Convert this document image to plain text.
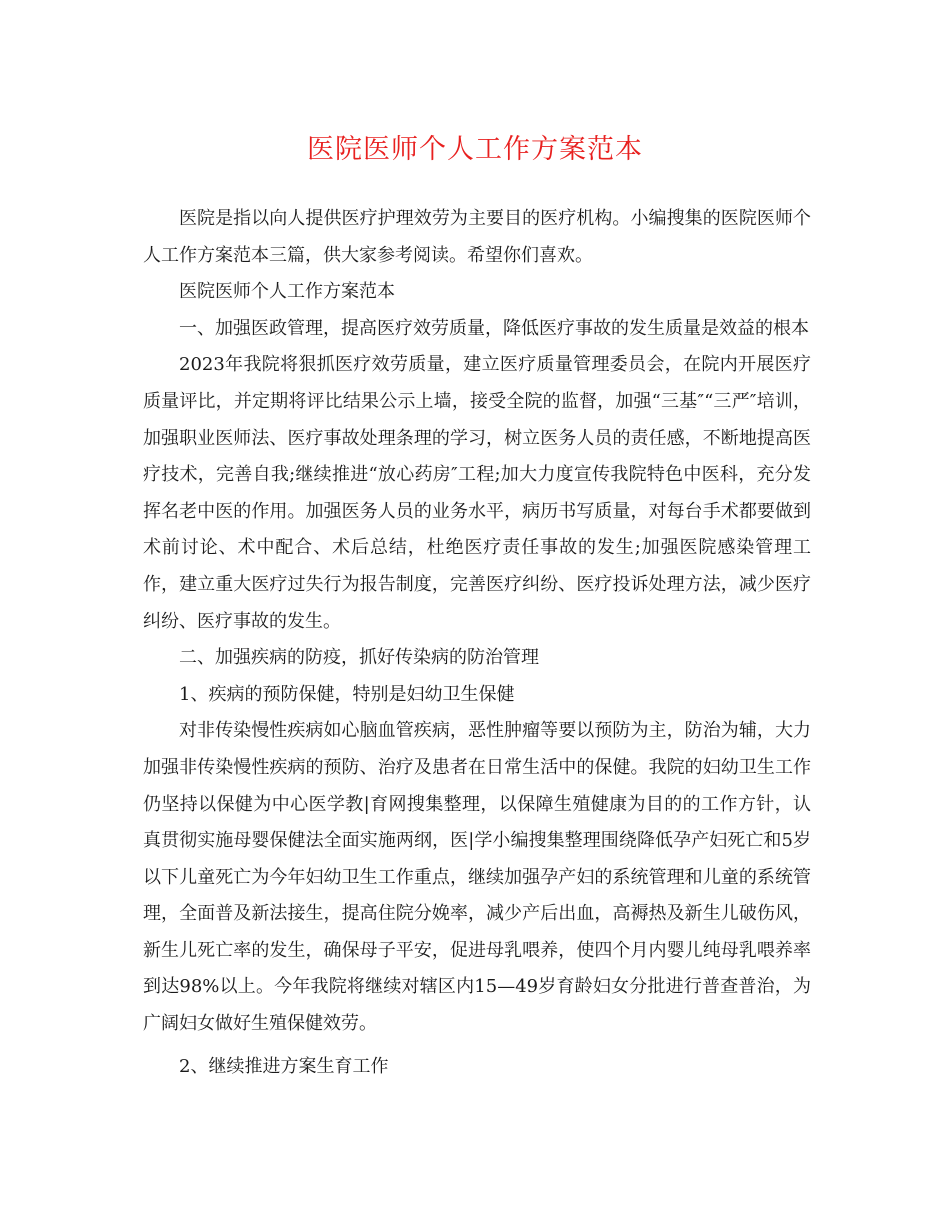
医院医师个人工作方案范本

医院是指以向人提供医疗护理效劳为主要目的医疗机构。小编搜集的医院医师个人工作方案范本三篇，供大家参考阅读。希望你们喜欢。

医院医师个人工作方案范本

一、加强医政管理，提高医疗效劳质量，降低医疗事故的发生质量是效益的根本

2023年我院将狠抓医疗效劳质量，建立医疗质量管理委员会，在院内开展医疗质量评比，并定期将评比结果公示上墙，接受全院的监督，加强“三基″“三严″培训，加强职业医师法、医疗事故处理条理的学习，树立医务人员的责任感，不断地提高医疗技术，完善自我;继续推进“放心药房″工程;加大力度宣传我院特色中医科，充分发挥名老中医的作用。加强医务人员的业务水平，病历书写质量，对每台手术都要做到术前讨论、术中配合、术后总结，杜绝医疗责任事故的发生;加强医院感染管理工作，建立重大医疗过失行为报告制度，完善医疗纠纷、医疗投诉处理方法，减少医疗纠纷、医疗事故的发生。

二、加强疾病的防疫，抓好传染病的防治管理

1、疾病的预防保健，特别是妇幼卫生保健

对非传染慢性疾病如心脑血管疾病，恶性肿瘤等要以预防为主，防治为辅，大力加强非传染慢性疾病的预防、治疗及患者在日常生活中的保健。我院的妇幼卫生工作仍坚持以保健为中心医学教|育网搜集整理，以保障生殖健康为目的的工作方针，认真贯彻实施母婴保健法全面实施两纲，医|学小编搜集整理围绕降低孕产妇死亡和5岁以下儿童死亡为今年妇幼卫生工作重点，继续加强孕产妇的系统管理和儿童的系统管理，全面普及新法接生，提高住院分娩率，减少产后出血，高褥热及新生儿破伤风，新生儿死亡率的发生，确保母子平安，促进母乳喂养，使四个月内婴儿纯母乳喂养率到达98%以上。今年我院将继续对辖区内15—49岁育龄妇女分批进行普查普治，为广阔妇女做好生殖保健效劳。

2、继续推进方案生育工作
